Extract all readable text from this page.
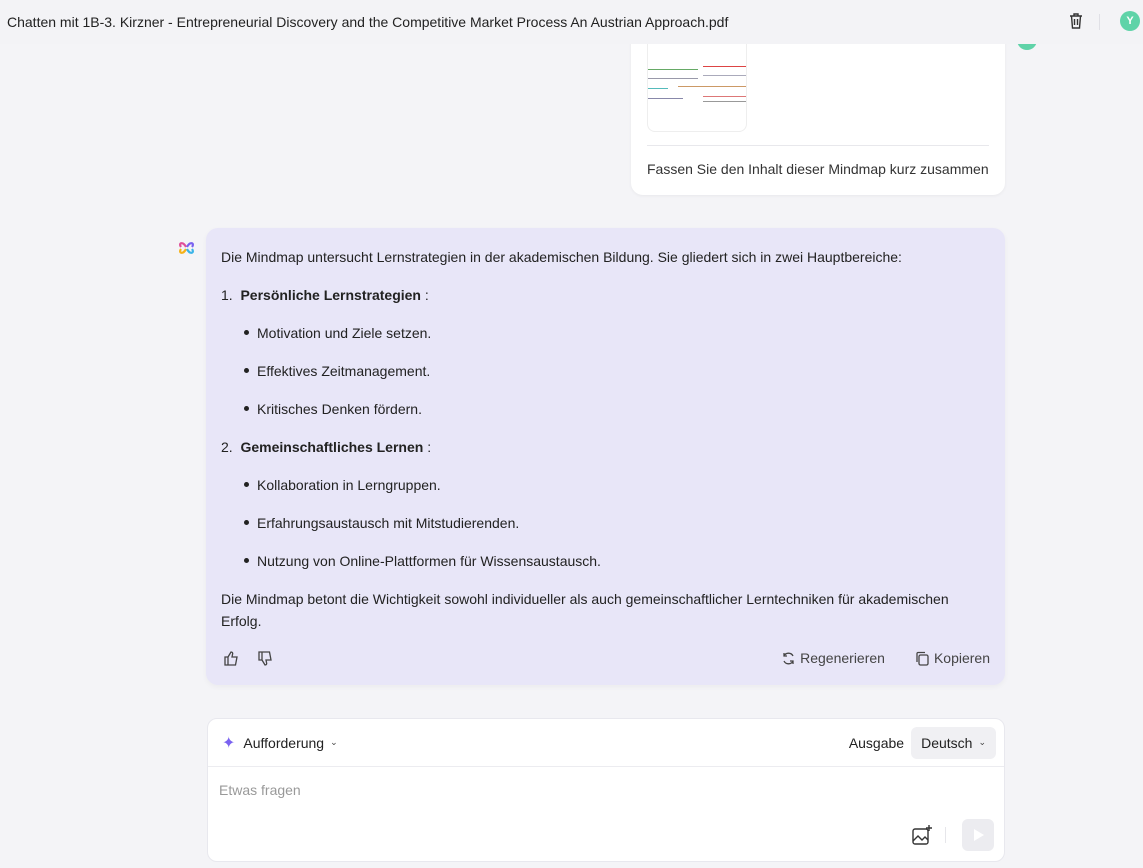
Chatten mit 1B-3. Kirzner - Entrepreneurial Discovery and the Competitive Market Process An Austrian Approach.pdf	Y
Fassen Sie den Inhalt dieser Mindmap kurz zusammen

Die Mindmap untersucht Lernstrategien in der akademischen Bildung. Sie gliedert sich in zwei Hauptbereiche:

1. Persönliche Lernstrategien :
Motivation und Ziele setzen.
Effektives Zeitmanagement.
Kritisches Denken fördern.
2. Gemeinschaftliches Lernen :
Kollaboration in Lerngruppen.
Erfahrungsaustausch mit Mitstudierenden.
Nutzung von Online-Plattformen für Wissensaustausch.

Die Mindmap betont die Wichtigkeit sowohl individueller als auch gemeinschaftlicher Lerntechniken für akademischen Erfolg.

Regenerieren	Kopieren
✦ Aufforderung ⌄	Ausgabe Deutsch ⌄
Etwas fragen
